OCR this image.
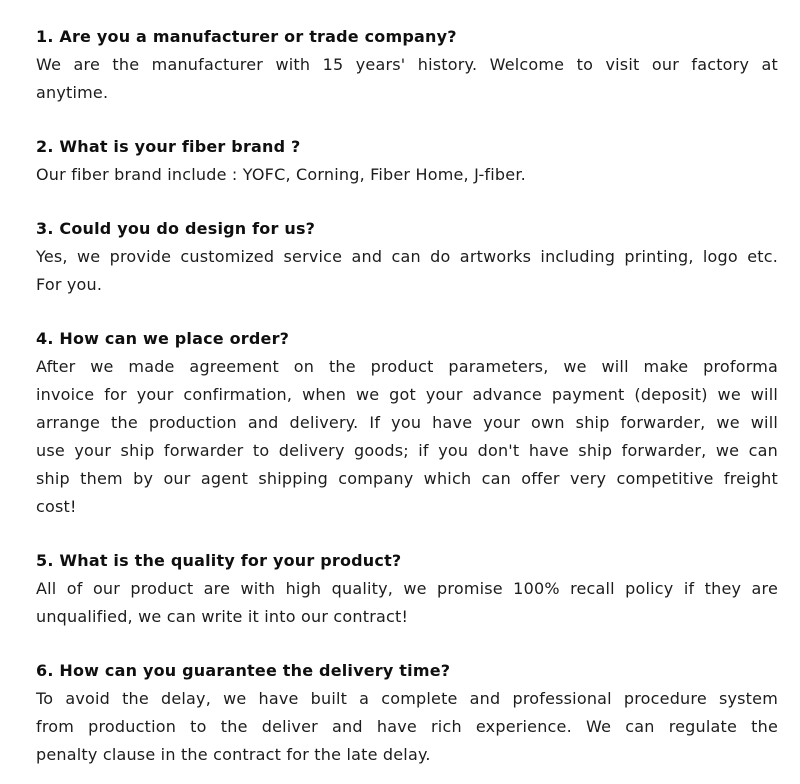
1. Are you a manufacturer or trade company?

We are the manufacturer with 15 years' history. Welcome to visit our factory at
anytime.

2. What is your fiber brand ?

Our fiber brand include : YOFC, Corning, Fiber Home, J-fiber.

3. Could you do design for us?

Yes, we provide customized service and can do artworks including printing, logo etc.
For you.

4. How can we place order?

After we made agreement on the product parameters, we will make proforma
invoice for your confirmation, when we got your advance payment (deposit) we will
arrange the production and delivery. If you have your own ship forwarder, we will
use your ship forwarder to delivery goods; if you don't have ship forwarder, we can
ship them by our agent shipping company which can offer very competitive freight
cost!

5. What is the quality for your product?

All of our product are with high quality, we promise 100% recall policy if they are
unqualified, we can write it into our contract!

6. How can you guarantee the delivery time?

To avoid the delay, we have built a complete and professional procedure system
from production to the deliver and have rich experience. We can regulate the
penalty clause in the contract for the late delay.
